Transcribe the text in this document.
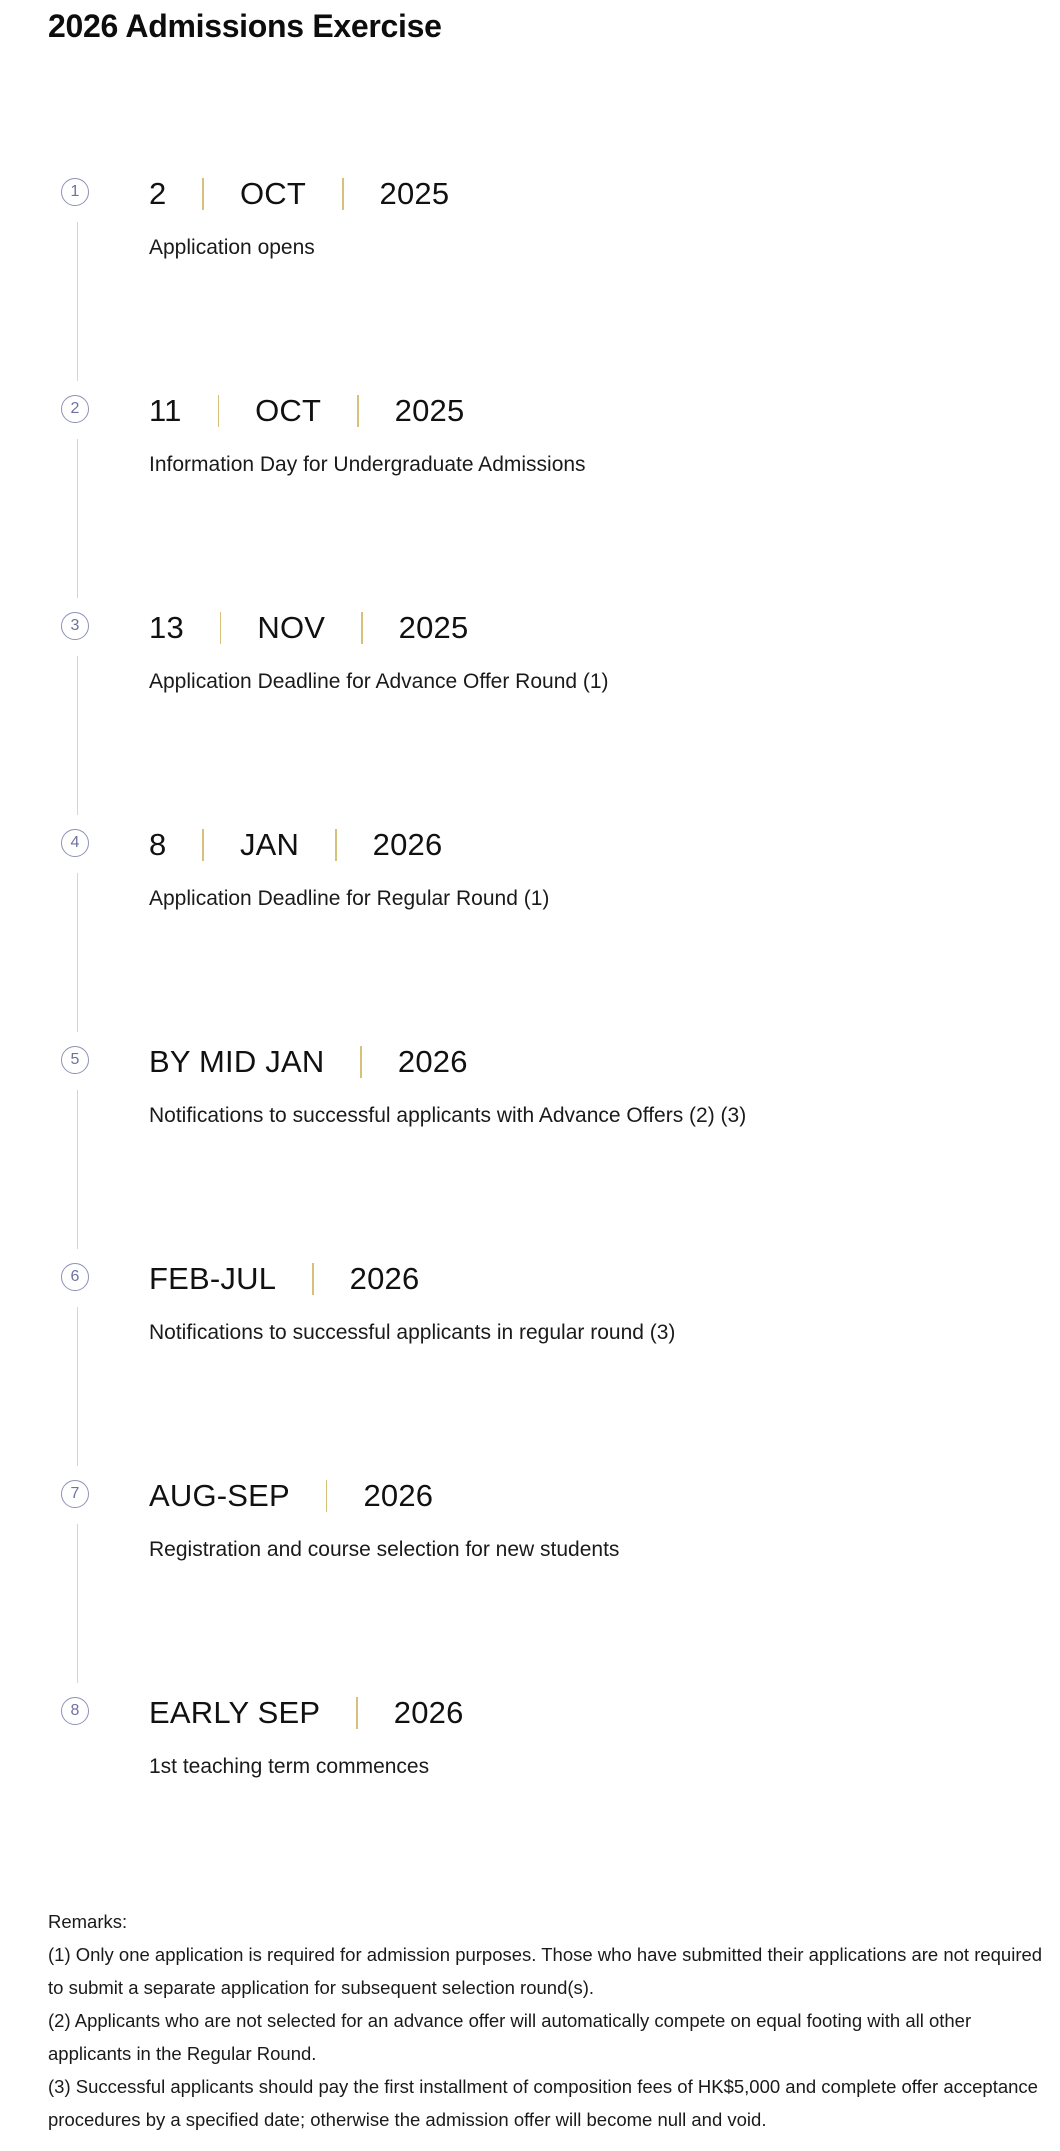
2026 Admissions Exercise
1	2 OCT 2025
Application opens
2	11 OCT 2025
Information Day for Undergraduate Admissions
3	13 NOV 2025
Application Deadline for Advance Offer Round (1)
4	8 JAN 2026
Application Deadline for Regular Round (1)
5	BY MID JAN 2026
Notifications to successful applicants with Advance Offers (2) (3)
6	FEB-JUL 2026
Notifications to successful applicants in regular round (3)
7	AUG-SEP 2026
Registration and course selection for new students
8	EARLY SEP 2026
1st teaching term commences

Remarks:

(1) Only one application is required for admission purposes. Those who have submitted their applications are not required to submit a separate application for subsequent selection round(s).

(2) Applicants who are not selected for an advance offer will automatically compete on equal footing with all other applicants in the Regular Round.

(3) Successful applicants should pay the first installment of composition fees of HK$5,000 and complete offer acceptance procedures by a specified date; otherwise the admission offer will become null and void.
